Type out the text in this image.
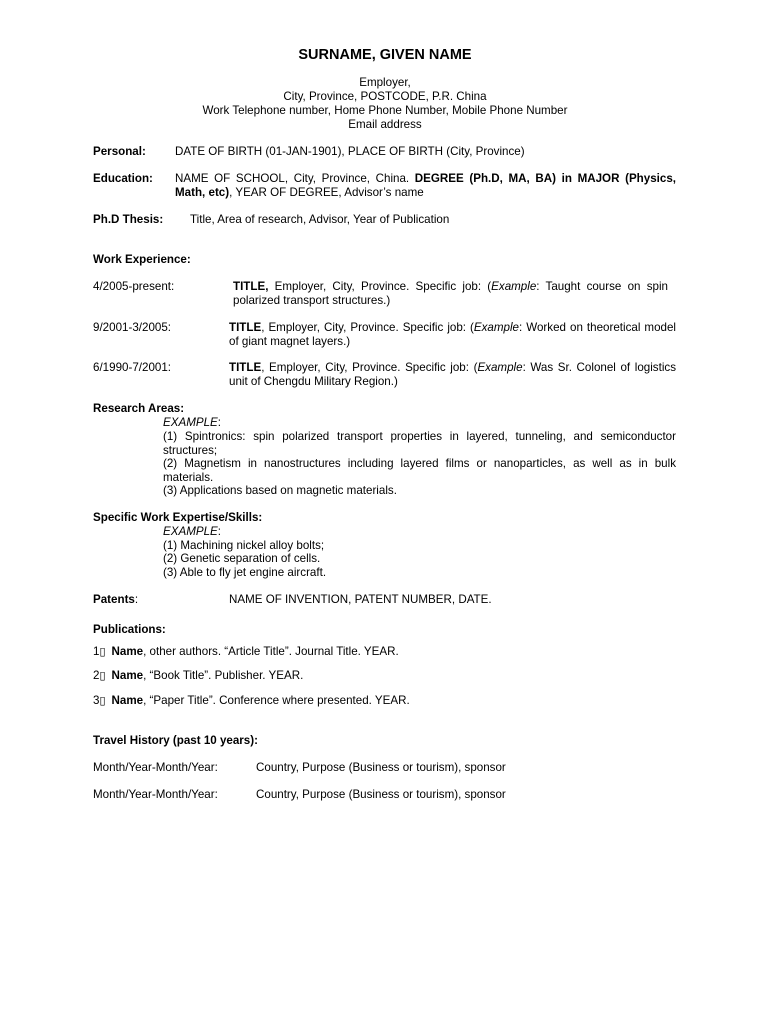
SURNAME, GIVEN NAME
Employer,
City, Province, POSTCODE, P.R. China
Work Telephone number, Home Phone Number, Mobile Phone Number
Email address
Personal:	DATE OF BIRTH (01-JAN-1901), PLACE OF BIRTH (City, Province)
Education: NAME OF SCHOOL, City, Province, China. DEGREE (Ph.D, MA, BA) in MAJOR (Physics, Math, etc), YEAR OF DEGREE, Advisor’s name
Ph.D Thesis: Title, Area of research, Advisor, Year of Publication
Work Experience:
4/2005-present:	TITLE, Employer, City, Province. Specific job: (Example: Taught course on spin polarized transport structures.)
9/2001-3/2005:	TITLE, Employer, City, Province. Specific job: (Example: Worked on theoretical model of giant magnet layers.)
6/1990-7/2001:	TITLE, Employer, City, Province. Specific job: (Example: Was Sr. Colonel of logistics unit of Chengdu Military Region.)
Research Areas:
EXAMPLE:
(1) Spintronics: spin polarized transport properties in layered, tunneling, and semiconductor structures;
(2) Magnetism in nanostructures including layered films or nanoparticles, as well as in bulk materials.
(3) Applications based on magnetic materials.
Specific Work Expertise/Skills:
EXAMPLE:
(1) Machining nickel alloy bolts;
(2) Genetic separation of cells.
(3) Able to fly jet engine aircraft.
Patents:	NAME OF INVENTION, PATENT NUMBER, DATE.
Publications:
1▯ Name, other authors. “Article Title”. Journal Title. YEAR.
2▯ Name, “Book Title”. Publisher. YEAR.
3▯ Name, “Paper Title”. Conference where presented. YEAR.
Travel History (past 10 years):
Month/Year-Month/Year:	Country, Purpose (Business or tourism), sponsor
Month/Year-Month/Year:	Country, Purpose (Business or tourism), sponsor
